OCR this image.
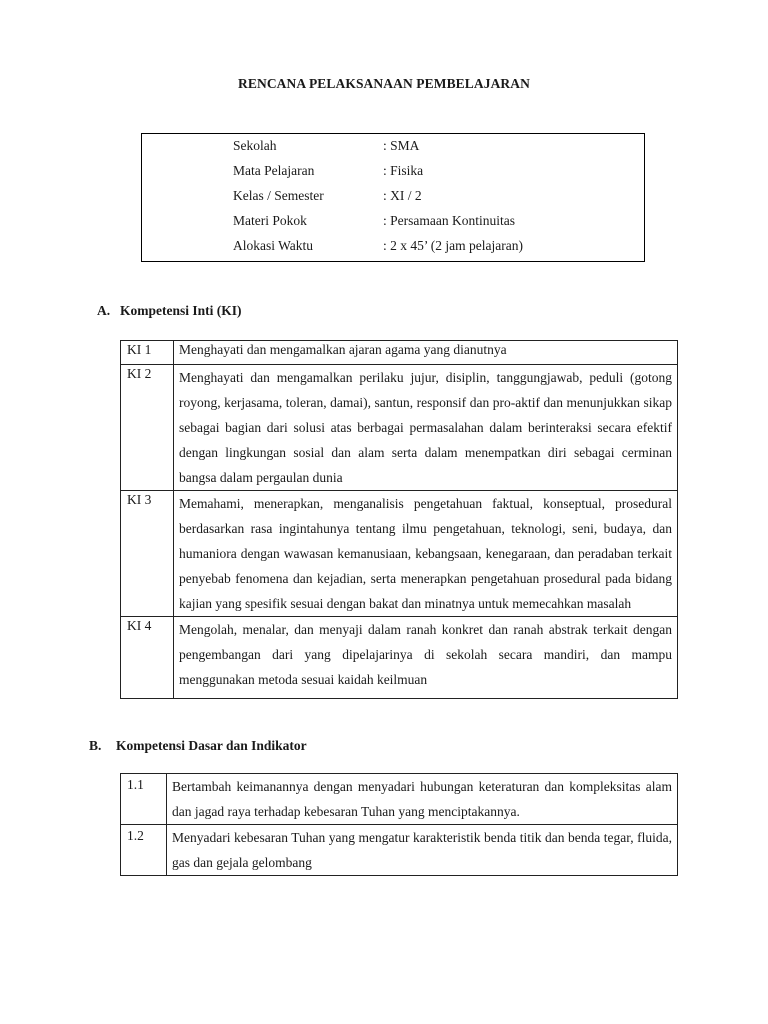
RENCANA PELAKSANAAN PEMBELAJARAN
Sekolah	: SMA
Mata Pelajaran	: Fisika
Kelas / Semester	: XI / 2
Materi Pokok	: Persamaan Kontinuitas
Alokasi Waktu	: 2 x 45’ (2 jam pelajaran)
A. Kompetensi Inti (KI)
KI 1	Menghayati dan mengamalkan ajaran agama yang dianutnya
KI 2	Menghayati dan mengamalkan perilaku jujur, disiplin, tanggungjawab, peduli (gotong royong, kerjasama, toleran, damai), santun, responsif dan pro-aktif dan menunjukkan sikap sebagai bagian dari solusi atas berbagai permasalahan dalam berinteraksi secara efektif dengan lingkungan sosial dan alam serta dalam menempatkan diri sebagai cerminan bangsa dalam pergaulan dunia
KI 3	Memahami, menerapkan, menganalisis pengetahuan faktual, konseptual, prosedural berdasarkan rasa ingintahunya tentang ilmu pengetahuan, teknologi, seni, budaya, dan humaniora dengan wawasan kemanusiaan, kebangsaan, kenegaraan, dan peradaban terkait penyebab fenomena dan kejadian, serta menerapkan pengetahuan prosedural pada bidang kajian yang spesifik sesuai dengan bakat dan minatnya untuk memecahkan masalah
KI 4	Mengolah, menalar, dan menyaji dalam ranah konkret dan ranah abstrak terkait dengan pengembangan dari yang dipelajarinya di sekolah secara mandiri, dan mampu menggunakan metoda sesuai kaidah keilmuan
B. Kompetensi Dasar dan Indikator
1.1	Bertambah keimanannya dengan menyadari hubungan keteraturan dan kompleksitas alam dan jagad raya terhadap kebesaran Tuhan yang menciptakannya.
1.2	Menyadari kebesaran Tuhan yang mengatur karakteristik benda titik dan benda tegar, fluida, gas dan gejala gelombang
